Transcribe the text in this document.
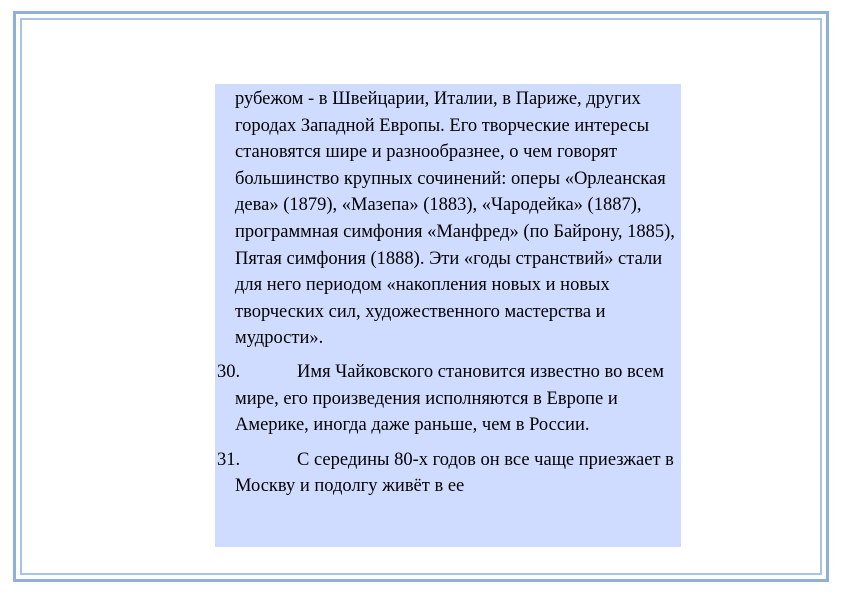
рубежом - в Швейцарии, Италии, в Париже, других городах Западной Европы. Его творческие интересы становятся шире и разнообразнее, о чем говорят большинство крупных сочинений: оперы «Орлеанская дева» (1879), «Мазепа» (1883), «Чародейка» (1887), программная симфония «Манфред» (по Байрону, 1885), Пятая симфония (1888). Эти «годы странствий» стали для него периодом «накопления новых и новых творческих сил, художественного мастерства и мудрости».

30.	Имя Чайковского становится известно во всем мире, его произведения исполняются в Европе и Америке, иногда даже раньше, чем в России.
31.	С середины 80-х годов он все чаще приезжает в Москву и подолгу живёт в ее
